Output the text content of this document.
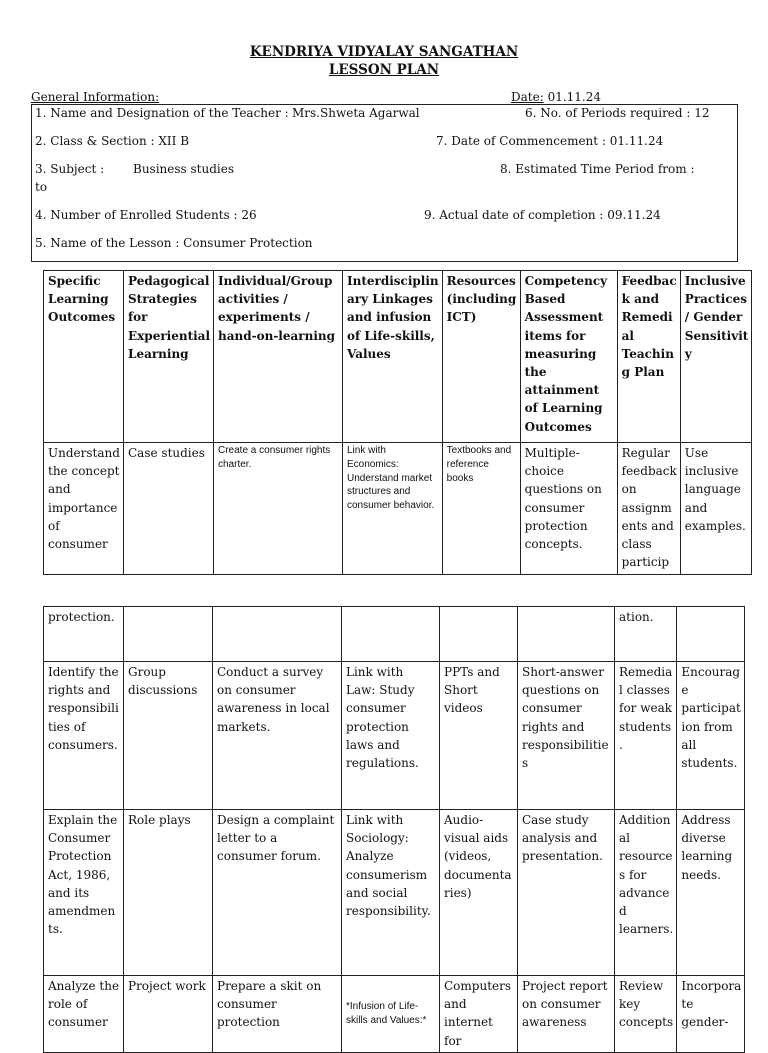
KENDRIYA VIDYALAY SANGATHAN
LESSON PLAN
General Information:	Date: 01.11.24
1. Name and Designation of the Teacher : Mrs.Shweta Agarwal	6. No. of Periods required : 12
2. Class & Section : XII B	7. Date of Commencement : 01.11.24
3. Subject : Business studies	8. Estimated Time Period from :
to
4. Number of Enrolled Students : 26	9. Actual date of completion : 09.11.24
5. Name of the Lesson : Consumer Protection
Specific Learning Outcomes	Pedagogical Strategies for Experiential Learning	Individual/Group activities / experiments / hand-on-learning	Interdisciplin ary Linkages and infusion of Life-skills, Values	Resources (including ICT)	Competency Based Assessment items for measuring the attainment of Learning Outcomes	Feedbac k and Remedi al Teachin g Plan	Inclusive Practices / Gender Sensitivit y
Understand the concept and importance of consumer	Case studies	Create a consumer rights charter.	Link with Economics: Understand market structures and consumer behavior.	Textbooks and reference books	Multiple-choice questions on consumer protection concepts.	Regular feedback on assignm ents and class particip	Use inclusive language and examples.
protection.						ation.	
Identify the rights and responsibili ties of consumers.	Group discussions	Conduct a survey on consumer awareness in local markets.	Link with Law: Study consumer protection laws and regulations.	PPTs and Short videos	Short-answer questions on consumer rights and responsibilitie s	Remedia l classes for weak students .	Encourag e participat ion from all students.
Explain the Consumer Protection Act, 1986, and its amendmen ts.	Role plays	Design a complaint letter to a consumer forum.	Link with Sociology: Analyze consumerism and social responsibility.	Audio-visual aids (videos, documenta ries)	Case study analysis and presentation.	Addition al resource s for advance d learners.	Address diverse learning needs.
Analyze the role of consumer	Project work	Prepare a skit on consumer protection	*Infusion of Life-skills and Values:*	Computers and internet for	Project report on consumer awareness	Review key concepts	Incorpora te gender-
